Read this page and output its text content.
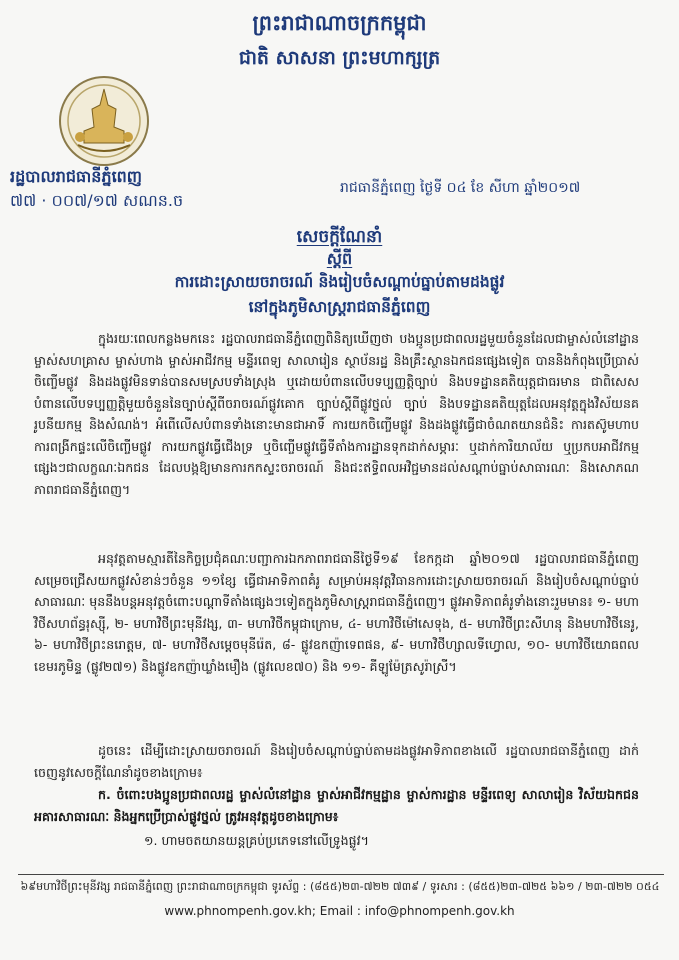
ព្រះរាជាណាចក្រកម្ពុជា
ជាតិ សាសនា ព្រះមហាក្សត្រ
រដ្ឋបាលរាជធានីភ្នំពេញ
៧៧ · ០០៧/១៧ សណន.ច
រាជធានីភ្នំពេញ ថ្ងៃទី ០៤ ខែ សីហា ឆ្នាំ២០១៧
សេចក្ដីណែនាំ
ស្ដីពី
ការដោះស្រាយចរាចរណ៍ និងរៀបចំសណ្ដាប់ធ្នាប់តាមដងផ្លូវ
នៅក្នុងភូមិសាស្ត្ររាជធានីភ្នំពេញ
ក្នុងរយៈពេលកន្លងមកនេះ រដ្ឋបាលរាជធានីភ្នំពេញពិនិត្យឃើញថា បងប្អូនប្រជាពលរដ្ឋមួយចំនួនដែលជាម្ចាស់លំនៅដ្ឋាន ម្ចាស់សហគ្រាស ម្ចាស់ហាង ម្ចាស់អាជីវកម្ម មន្ទីរពេទ្យ សាលារៀន ស្ថាប័នរដ្ឋ និងគ្រឹះស្ថានឯកជនផ្សេងទៀត បាននិងកំពុងប្រើប្រាស់ចិញ្ចើមផ្លូវ និងដងផ្លូវមិនទាន់បានសមស្របទាំងស្រុង ឬដោយបំពានលើបទប្បញ្ញត្តិច្បាប់ និងបទដ្ឋានគតិយុត្តជាធរមាន ជាពិសេសបំពានលើបទប្បញ្ញត្តិមួយចំនួននៃច្បាប់ស្ដីពីចរាចរណ៍ផ្លូវគោក ច្បាប់ស្ដីពីផ្លូវថ្នល់ ច្បាប់ និងបទដ្ឋានគតិយុត្តដែលអនុវត្តក្នុងវិស័យនគរូបនីយកម្ម និងសំណង់។ អំពើលើសបំពានទាំងនោះមានជាអាទិ៍ ការយកចិញ្ចើមផ្លូវ និងដងផ្លូវធ្វើជាចំណតយានជំនិះ ការតស៊ូមហាប ការពង្រីកផ្ទះលើចិញ្ចើមផ្លូវ ការយកផ្លូវធ្វើជើងទ្រ ឬចិញ្ចើមផ្លូវធ្វើទីតាំងការដ្ឋានទុកដាក់សម្ភារៈ ឬដាក់ការិយាល័យ ឬប្រកបអាជីវកម្ម ផ្សេងៗជាលក្ខណៈឯកជន ដែលបង្កឱ្យមានការកកស្ទះចរាចរណ៍ និងជះឥទ្ធិពលអវិជ្ជមានដល់សណ្ដាប់ធ្នាប់សាធារណៈ និងសោភណភាពរាជធានីភ្នំពេញ។
អនុវត្តតាមស្មារតីនៃកិច្ចប្រជុំគណៈបញ្ជាការឯកភាពរាជធានីថ្ងៃទី១៩ ខែកក្កដា ឆ្នាំ២០១៧ រដ្ឋបាលរាជធានីភ្នំពេញសម្រេចជ្រើសយកផ្លូវសំខាន់ៗចំនួន ១១ខ្សែ ធ្វើជាអាទិភាពគំរូ សម្រាប់អនុវត្តវិធានការដោះស្រាយចរាចរណ៍ និងរៀបចំសណ្ដាប់ធ្នាប់សាធារណៈ មុននឹងបន្តអនុវត្តចំពោះបណ្ដាទីតាំងផ្សេងៗទៀតក្នុងភូមិសាស្ត្ររាជធានីភ្នំពេញ។ ផ្លូវអាទិភាពគំរូទាំងនោះរួមមាន៖ ១- មហាវិថីសហព័ន្ធរុស្ស៊ី, ២- មហាវិថីព្រះមុនីវង្ស, ៣- មហាវិថីកម្ពុជាក្រោម, ៤- មហាវិថីម៉ៅសេទុង, ៥- មហាវិថីព្រះសីហនុ និងមហាវិថីនេរូ, ៦- មហាវិថីព្រះនរោត្តម, ៧- មហាវិថីសម្ដេចមុនីរ៉េត, ៨- ផ្លូវឧកញ៉ាទេពផន, ៩- មហាវិថីហ្សាលទីហ្វោល, ១០- មហាវិថីយោធពលខេមរភូមិន្ទ (ផ្លូវ២៧១) និងផ្លូវឧកញ៉ាឃ្លាំងមឿង (ផ្លូវលេខ៧០) និង ១១- គីឡូម៉ែត្រសូរ៉ាស្រី។
ដូចនេះ ដើម្បីដោះស្រាយចរាចរណ៍ និងរៀបចំសណ្ដាប់ធ្នាប់តាមដងផ្លូវអាទិភាពខាងលើ រដ្ឋបាលរាជធានីភ្នំពេញ ដាក់ចេញនូវសេចក្ដីណែនាំដូចខាងក្រោម៖
ក. ចំពោះបងប្អូនប្រជាពលរដ្ឋ ម្ចាស់លំនៅដ្ឋាន ម្ចាស់អាជីវកម្មដ្ឋាន ម្ចាស់ការដ្ឋាន មន្ទីរពេទ្យ សាលារៀន វិស័យឯកជន អគារសាធារណៈ និងអ្នកប្រើប្រាស់ផ្លូវថ្នល់ ត្រូវអនុវត្តដូចខាងក្រោម៖
១. ហាមចតយានយន្តគ្រប់ប្រភេទនៅលើទ្រូងផ្លូវ។
៦៩មហាវិថីព្រះមុនីវង្ស រាជធានីភ្នំពេញ ព្រះរាជាណាចក្រកម្ពុជា ទូរស័ព្ទ : (៨៥៥)២៣-៧២២ ៧៣៩ / ទូរសារ : (៨៥៥)២៣-៧២៥ ៦៦១ / ២៣-៧២២ ០៥៤
www.phnompenh.gov.kh; Email : info@phnompenh.gov.kh
